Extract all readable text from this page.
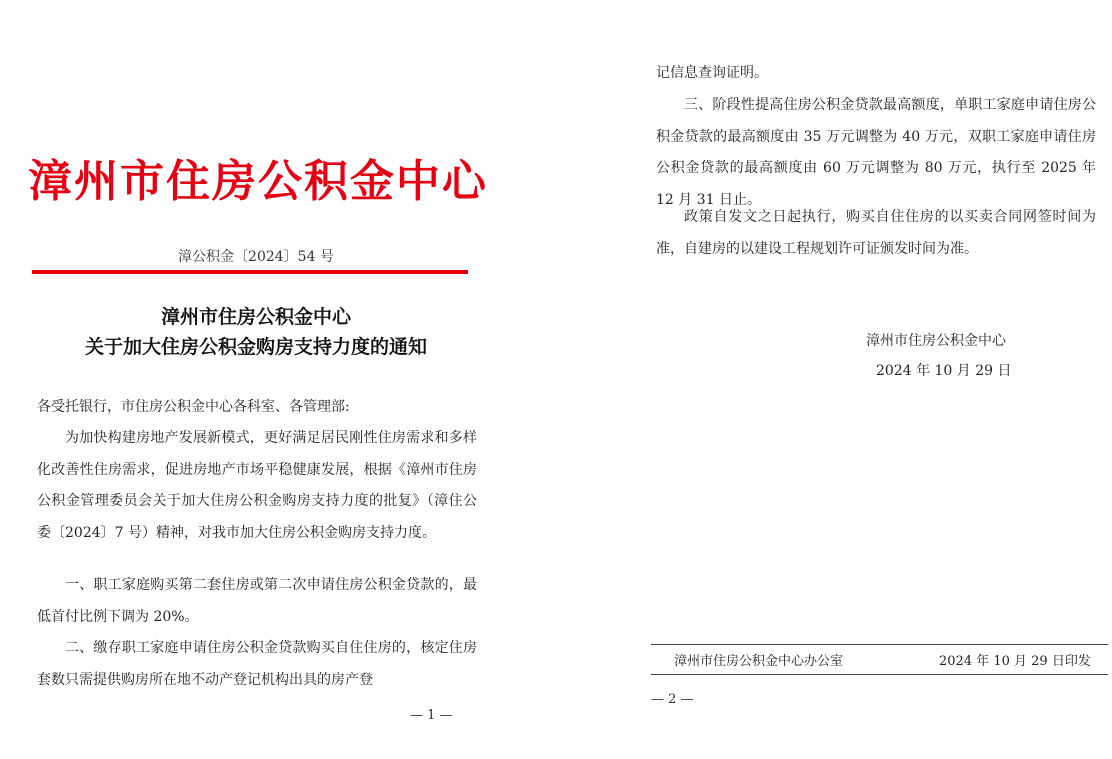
漳州市住房公积金中心
漳公积金〔2024〕54 号
漳州市住房公积金中心
关于加大住房公积金购房支持力度的通知

各受托银行，市住房公积金中心各科室、各管理部:

为加快构建房地产发展新模式，更好满足居民刚性住房需求和多样化改善性住房需求，促进房地产市场平稳健康发展，根据《漳州市住房公积金管理委员会关于加大住房公积金购房支持力度的批复》（漳住公委〔2024〕7 号）精神，对我市加大住房公积金购房支持力度。

一、职工家庭购买第二套住房或第二次申请住房公积金贷款的，最低首付比例下调为 20%。

二、缴存职工家庭申请住房公积金贷款购买自住住房的，核定住房套数只需提供购房所在地不动产登记机构出具的房产登

— 1 —

记信息查询证明。

三、阶段性提高住房公积金贷款最高额度，单职工家庭申请住房公积金贷款的最高额度由 35 万元调整为 40 万元，双职工家庭申请住房公积金贷款的最高额度由 60 万元调整为 80 万元，执行至 2025 年 12 月 31 日止。

政策自发文之日起执行，购买自住住房的以买卖合同网签时间为准，自建房的以建设工程规划许可证颁发时间为准。

漳州市住房公积金中心
2024 年 10 月 29 日
漳州市住房公积金中心办公室	2024 年 10 月 29 日印发
— 2 —
